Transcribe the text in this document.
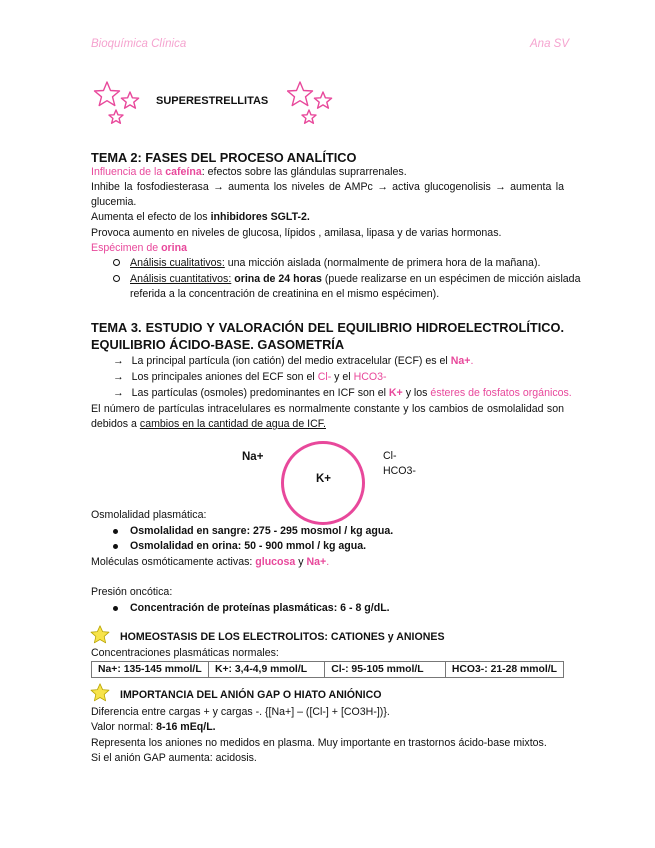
Bioquímica Clínica	Ana SV
SUPERESTRELLITAS
TEMA 2: FASES DEL PROCESO ANALÍTICO
Influencia de la cafeína: efectos sobre las glándulas suprarrenales.
Inhibe la fosfodiesterasa → aumenta los niveles de AMPc → activa glucogenolisis → aumenta la
glucemia.
Aumenta el efecto de los inhibidores SGLT-2.
Provoca aumento en niveles de glucosa, lípidos , amilasa, lipasa y de varias hormonas.
Espécimen de orina
Análisis cualitativos: una micción aislada (normalmente de primera hora de la mañana).
Análisis cuantitativos: orina de 24 horas (puede realizarse en un espécimen de micción aislada
referida a la concentración de creatinina en el mismo espécimen).
TEMA 3. ESTUDIO Y VALORACIÓN DEL EQUILIBRIO HIDROELECTROLÍTICO.
EQUILIBRIO ÁCIDO-BASE. GASOMETRÍA
→ La principal partícula (ion catión) del medio extracelular (ECF) es el Na+.
→ Los principales aniones del ECF son el Cl- y el HCO3-
→ Las partículas (osmoles) predominantes en ICF son el K+ y los ésteres de fosfatos orgánicos.
El número de partículas intracelulares es normalmente constante y los cambios de osmolalidad son
debidos a cambios en la cantidad de agua de ICF.
Na+
K+
Cl-
HCO3-
Osmolalidad plasmática:
Osmolalidad en sangre: 275 - 295 mosmol / kg agua.
Osmolalidad en orina: 50 - 900 mmol / kg agua.
Moléculas osmóticamente activas: glucosa y Na+.
Presión oncótica:
Concentración de proteínas plasmáticas: 6 - 8 g/dL.
HOMEOSTASIS DE LOS ELECTROLITOS: CATIONES y ANIONES
Concentraciones plasmáticas normales:
Na+: 135-145 mmol/L	K+: 3,4-4,9 mmol/L	Cl-: 95-105 mmol/L	HCO3-: 21-28 mmol/L
IMPORTANCIA DEL ANIÓN GAP O HIATO ANIÓNICO
Diferencia entre cargas + y cargas -. {[Na+] – ([Cl-] + [CO3H-])}.
Valor normal: 8-16 mEq/L.
Representa los aniones no medidos en plasma. Muy importante en trastornos ácido-base mixtos.
Si el anión GAP aumenta: acidosis.
